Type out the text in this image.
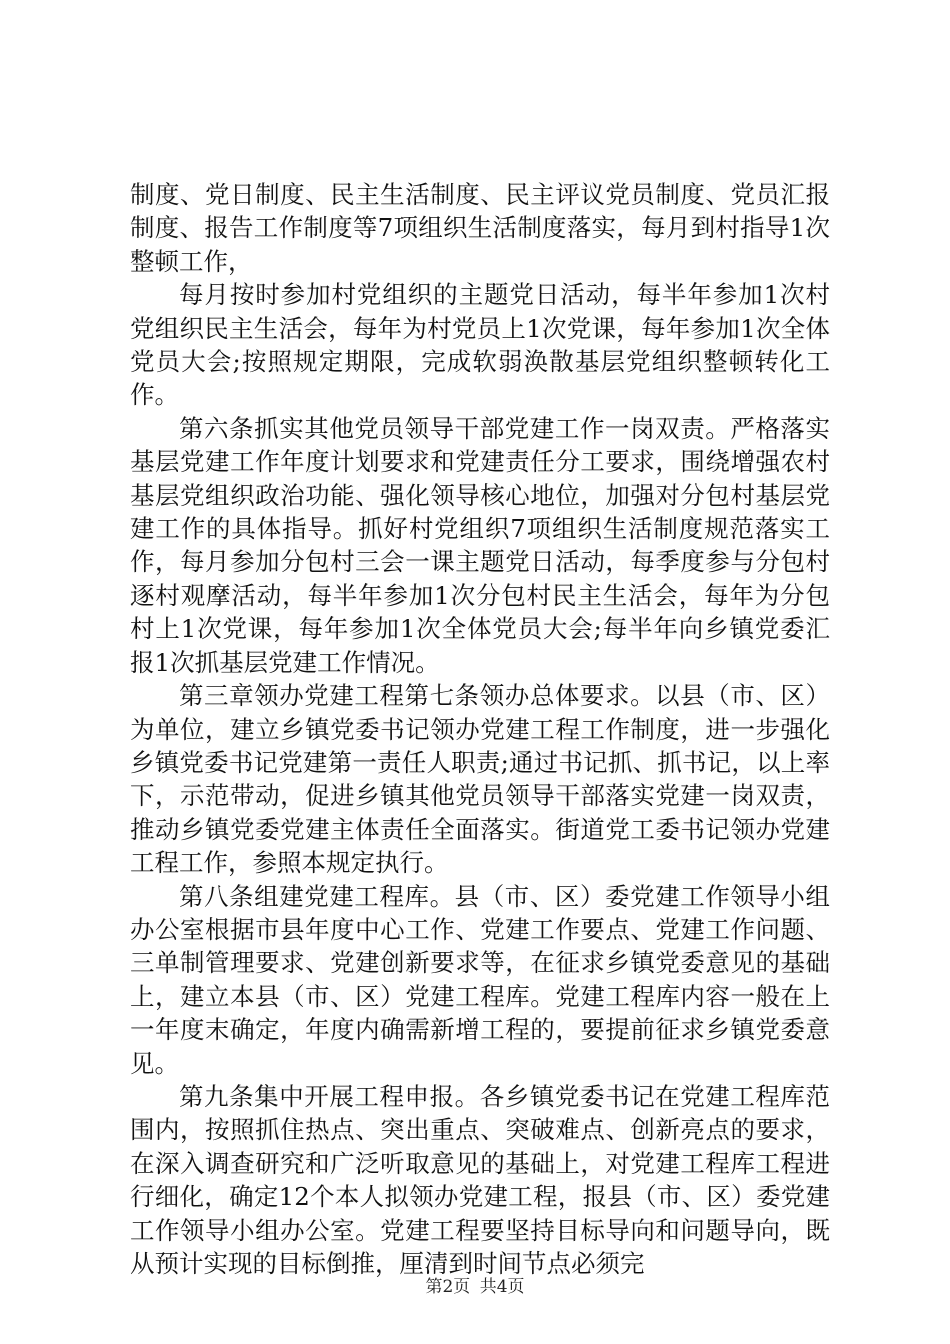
制度、党日制度、民主生活制度、民主评议党员制度、党员汇报制度、报告工作制度等7项组织生活制度落实，每月到村指导1次整顿工作，

每月按时参加村党组织的主题党日活动，每半年参加1次村党组织民主生活会，每年为村党员上1次党课，每年参加1次全体党员大会;按照规定期限，完成软弱涣散基层党组织整顿转化工作。

第六条抓实其他党员领导干部党建工作一岗双责。严格落实基层党建工作年度计划要求和党建责任分工要求，围绕增强农村基层党组织政治功能、强化领导核心地位，加强对分包村基层党建工作的具体指导。抓好村党组织7项组织生活制度规范落实工作，每月参加分包村三会一课主题党日活动，每季度参与分包村逐村观摩活动，每半年参加1次分包村民主生活会，每年为分包村上1次党课，每年参加1次全体党员大会;每半年向乡镇党委汇报1次抓基层党建工作情况。

第三章领办党建工程第七条领办总体要求。以县（市、区）为单位，建立乡镇党委书记领办党建工程工作制度，进一步强化乡镇党委书记党建第一责任人职责;通过书记抓、抓书记，以上率下，示范带动，促进乡镇其他党员领导干部落实党建一岗双责，推动乡镇党委党建主体责任全面落实。街道党工委书记领办党建工程工作，参照本规定执行。

第八条组建党建工程库。县（市、区）委党建工作领导小组办公室根据市县年度中心工作、党建工作要点、党建工作问题、三单制管理要求、党建创新要求等，在征求乡镇党委意见的基础上，建立本县（市、区）党建工程库。党建工程库内容一般在上一年度末确定，年度内确需新增工程的，要提前征求乡镇党委意见。

第九条集中开展工程申报。各乡镇党委书记在党建工程库范围内，按照抓住热点、突出重点、突破难点、创新亮点的要求，在深入调查研究和广泛听取意见的基础上，对党建工程库工程进行细化，确定12个本人拟领办党建工程，报县（市、区）委党建工作领导小组办公室。党建工程要坚持目标导向和问题导向，既从预计实现的目标倒推，厘清到时间节点必须完

第2页 共4页
